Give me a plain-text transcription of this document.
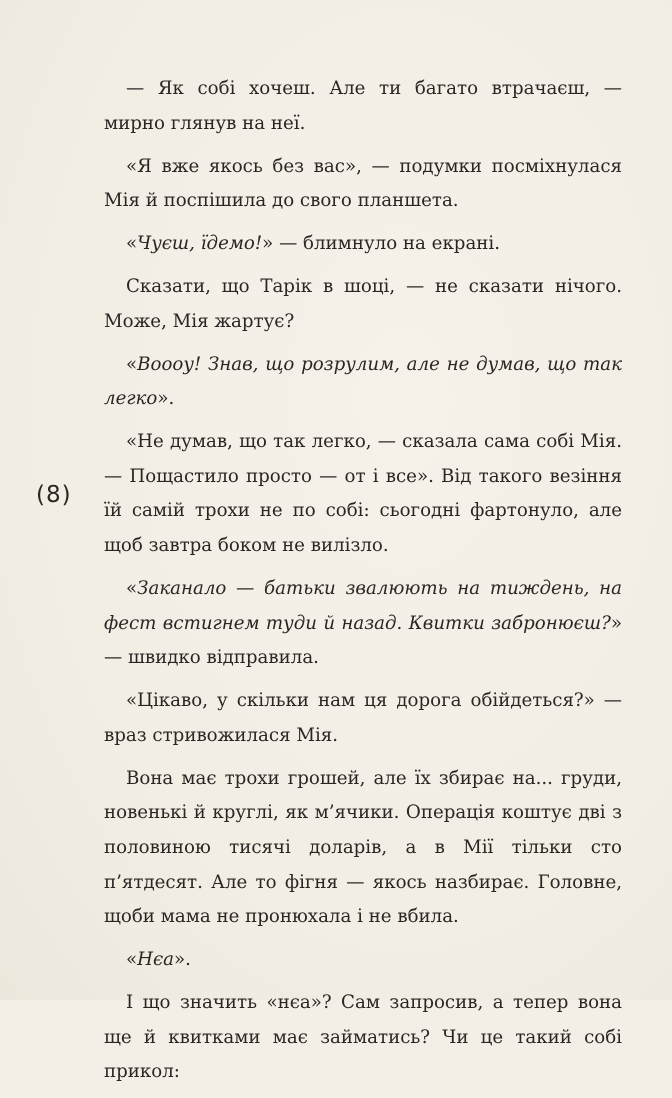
— Як собі хочеш. Але ти багато втрачаєш, — мирно глянув на неї.

«Я вже якось без вас», — подумки посміхнулася Мія й поспішила до свого планшета.

«Чуєш, їдемо!» — блимнуло на екрані.

Сказати, що Тарік в шоці, — не сказати нічого. Може, Мія жартує?

«Воооу! Знав, що розрулим, але не думав, що так легко».

«Не думав, що так легко, — сказала сама собі Мія. — Пощастило просто — от і все». Від такого везіння їй самій трохи не по собі: сьогодні фартонуло, але щоб завтра боком не вилізло.

«Заканало — батьки звалюють на тиждень, на фест встигнем туди й назад. Квитки забронюєш?» — швидко відправила.

«Цікаво, у скільки нам ця дорога обійдеться?» — враз стривожилася Мія.

Вона має трохи грошей, але їх збирає на... груди, новенькі й круглі, як м’ячики. Операція коштує дві з половиною тисячі доларів, а в Мії тільки сто п’ятдесят. Але то фігня — якось назбирає. Головне, щоби мама не пронюхала і не вбила.

«Нєа».

І що значить «нєа»? Сам запросив, а тепер вона ще й квитками має займатись? Чи це такий собі прикол:

(8)
